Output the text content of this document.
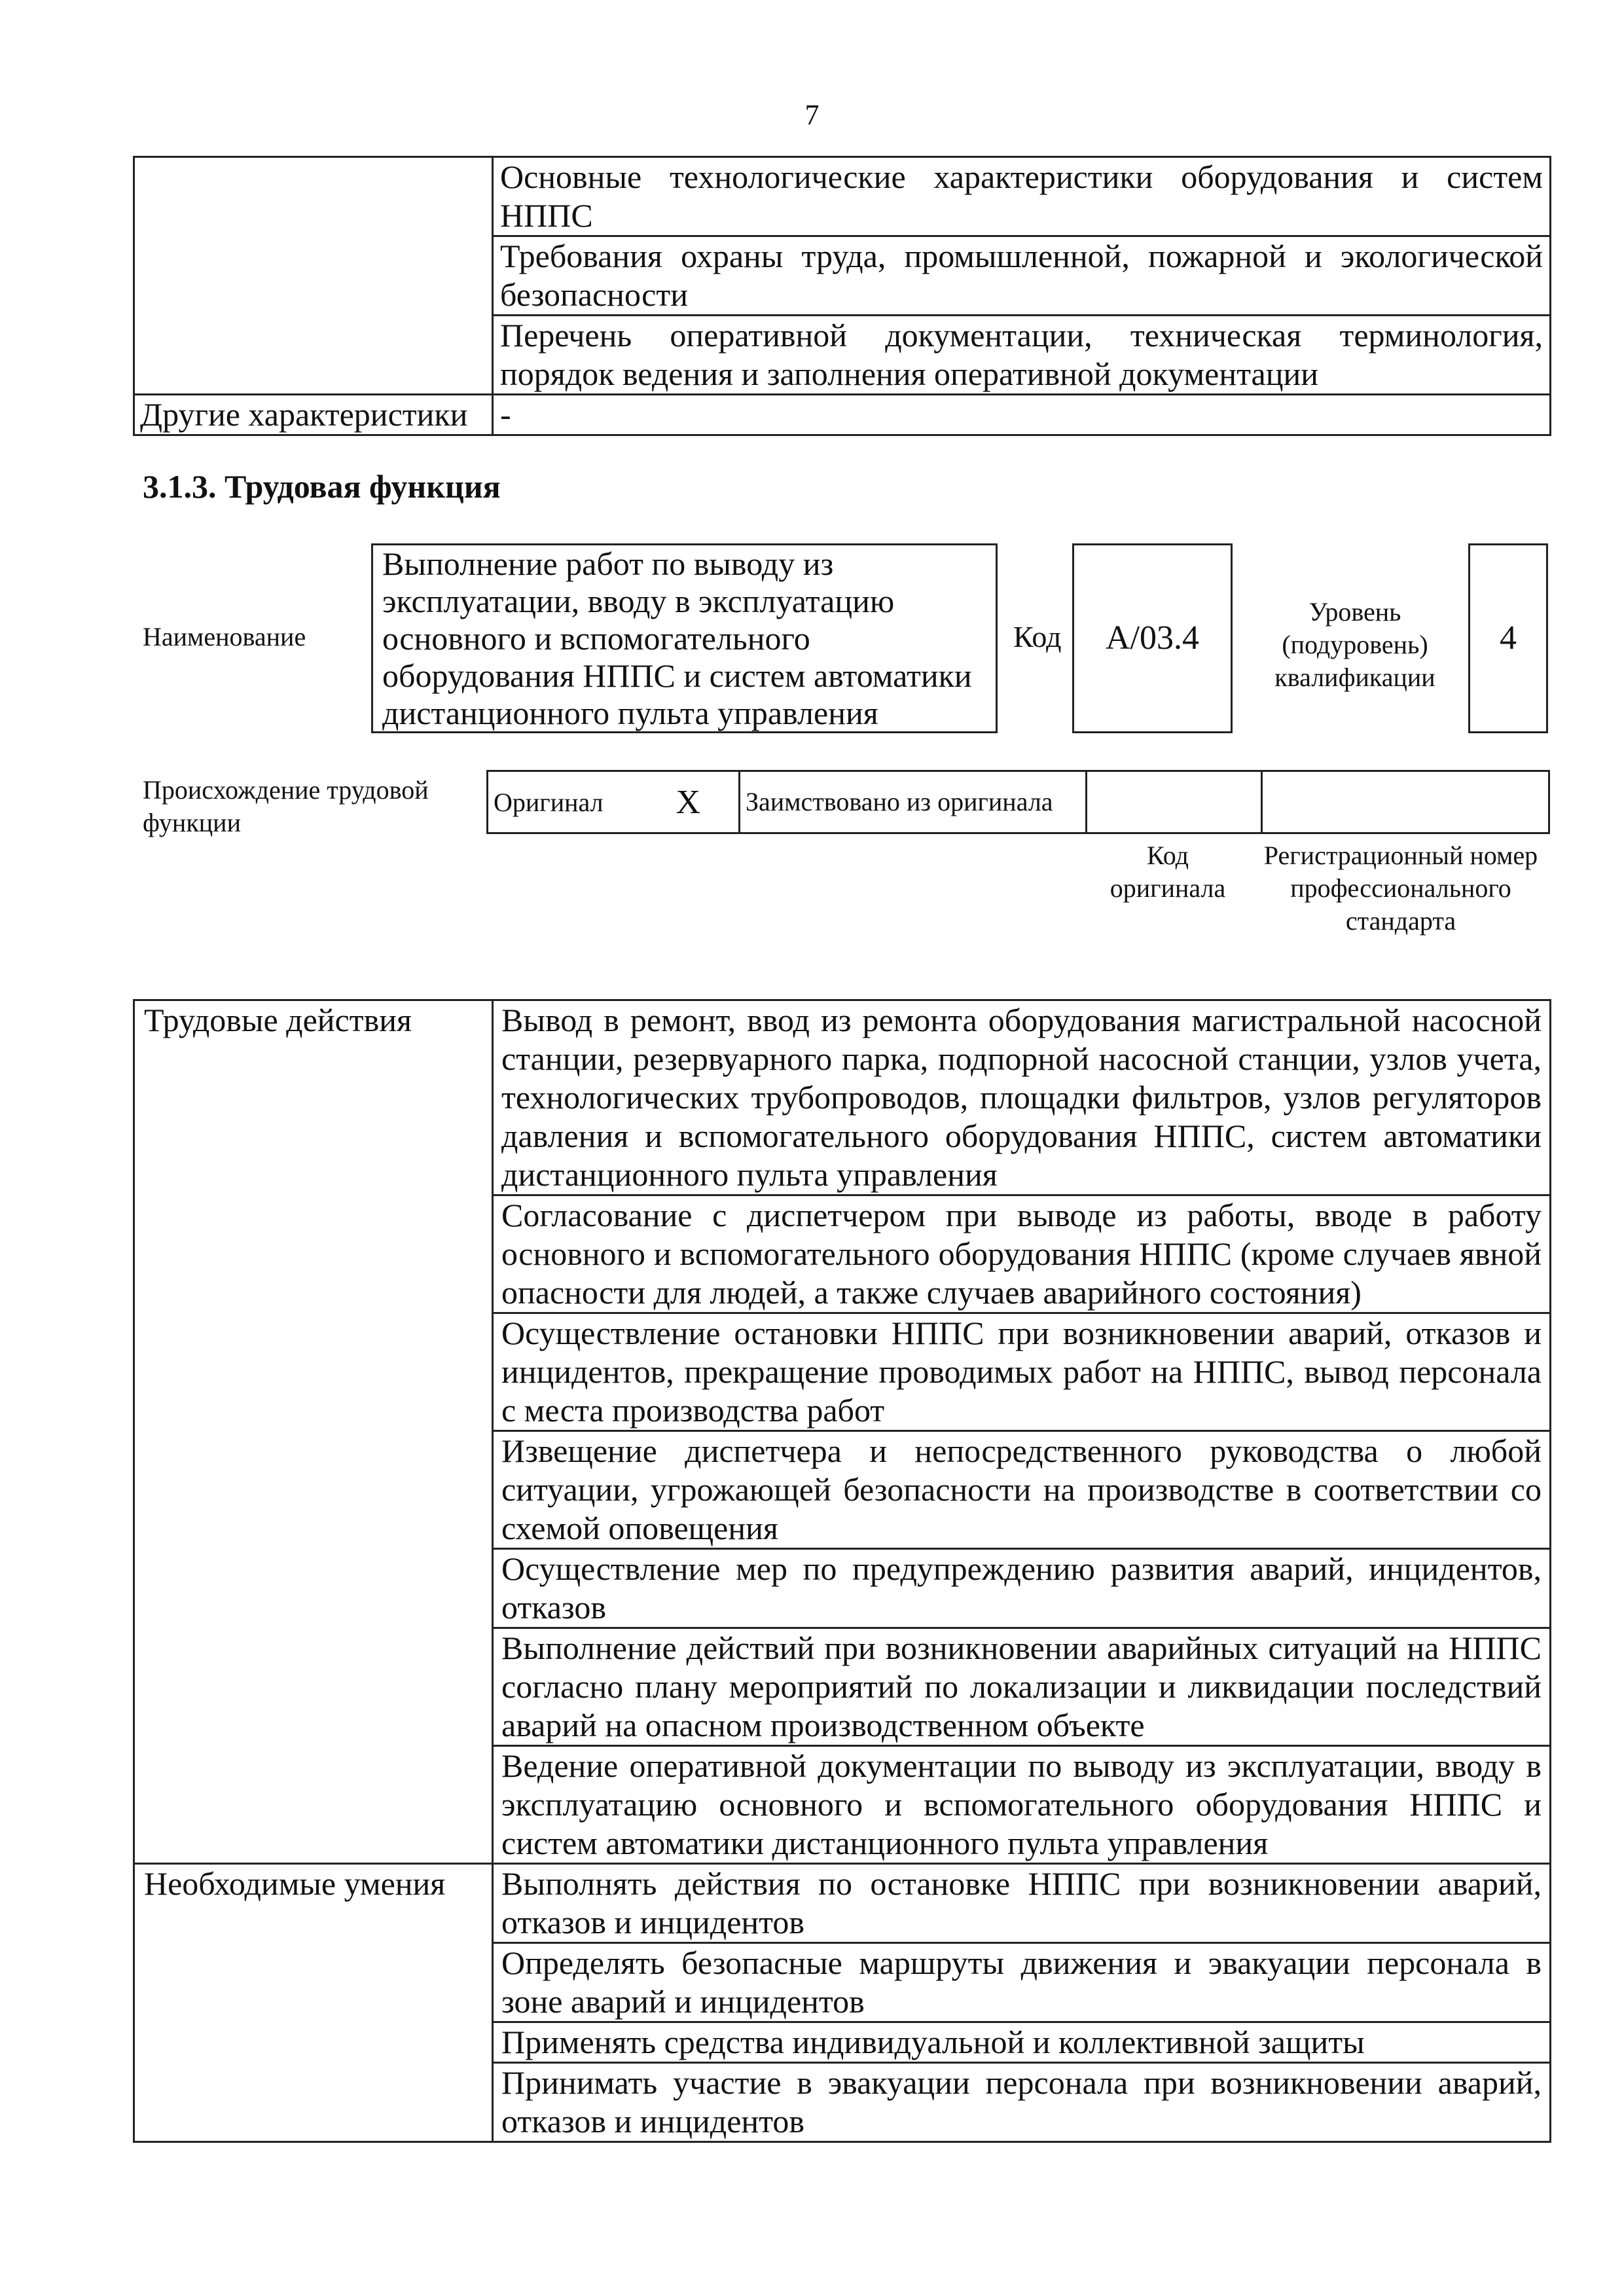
7
	Основные технологические характеристики оборудования и систем НППС
	Требования охраны труда, промышленной, пожарной и экологической безопасности
	Перечень оперативной документации, техническая терминология, порядок ведения и заполнения оперативной документации
Другие характеристики	-
3.1.3. Трудовая функция
Наименование
Выполнение работ по выводу из эксплуатации, вводу в эксплуатацию основного и вспомогательного оборудования НППС и систем автоматики дистанционного пульта управления
Код	А/03.4
Уровень (подуровень) квалификации
4
Происхождение трудовой функции
Оригинал	X	Заимствовано из оригинала		
Код оригинала
Регистрационный номер профессионального стандарта
Трудовые действия	Вывод в ремонт, ввод из ремонта оборудования магистральной насосной станции, резервуарного парка, подпорной насосной станции, узлов учета, технологических трубопроводов, площадки фильтров, узлов регуляторов давления и вспомогательного оборудования НППС, систем автоматики дистанционного пульта управления
	Согласование с диспетчером при выводе из работы, вводе в работу основного и вспомогательного оборудования НППС (кроме случаев явной опасности для людей, а также случаев аварийного состояния)
	Осуществление остановки НППС при возникновении аварий, отказов и инцидентов, прекращение проводимых работ на НППС, вывод персонала с места производства работ
	Извещение диспетчера и непосредственного руководства о любой ситуации, угрожающей безопасности на производстве в соответствии со схемой оповещения
	Осуществление мер по предупреждению развития аварий, инцидентов, отказов
	Выполнение действий при возникновении аварийных ситуаций на НППС согласно плану мероприятий по локализации и ликвидации последствий аварий на опасном производственном объекте
	Ведение оперативной документации по выводу из эксплуатации, вводу в эксплуатацию основного и вспомогательного оборудования НППС и систем автоматики дистанционного пульта управления
Необходимые умения	Выполнять действия по остановке НППС при возникновении аварий, отказов и инцидентов
	Определять безопасные маршруты движения и эвакуации персонала в зоне аварий и инцидентов
	Применять средства индивидуальной и коллективной защиты
	Принимать участие в эвакуации персонала при возникновении аварий, отказов и инцидентов
